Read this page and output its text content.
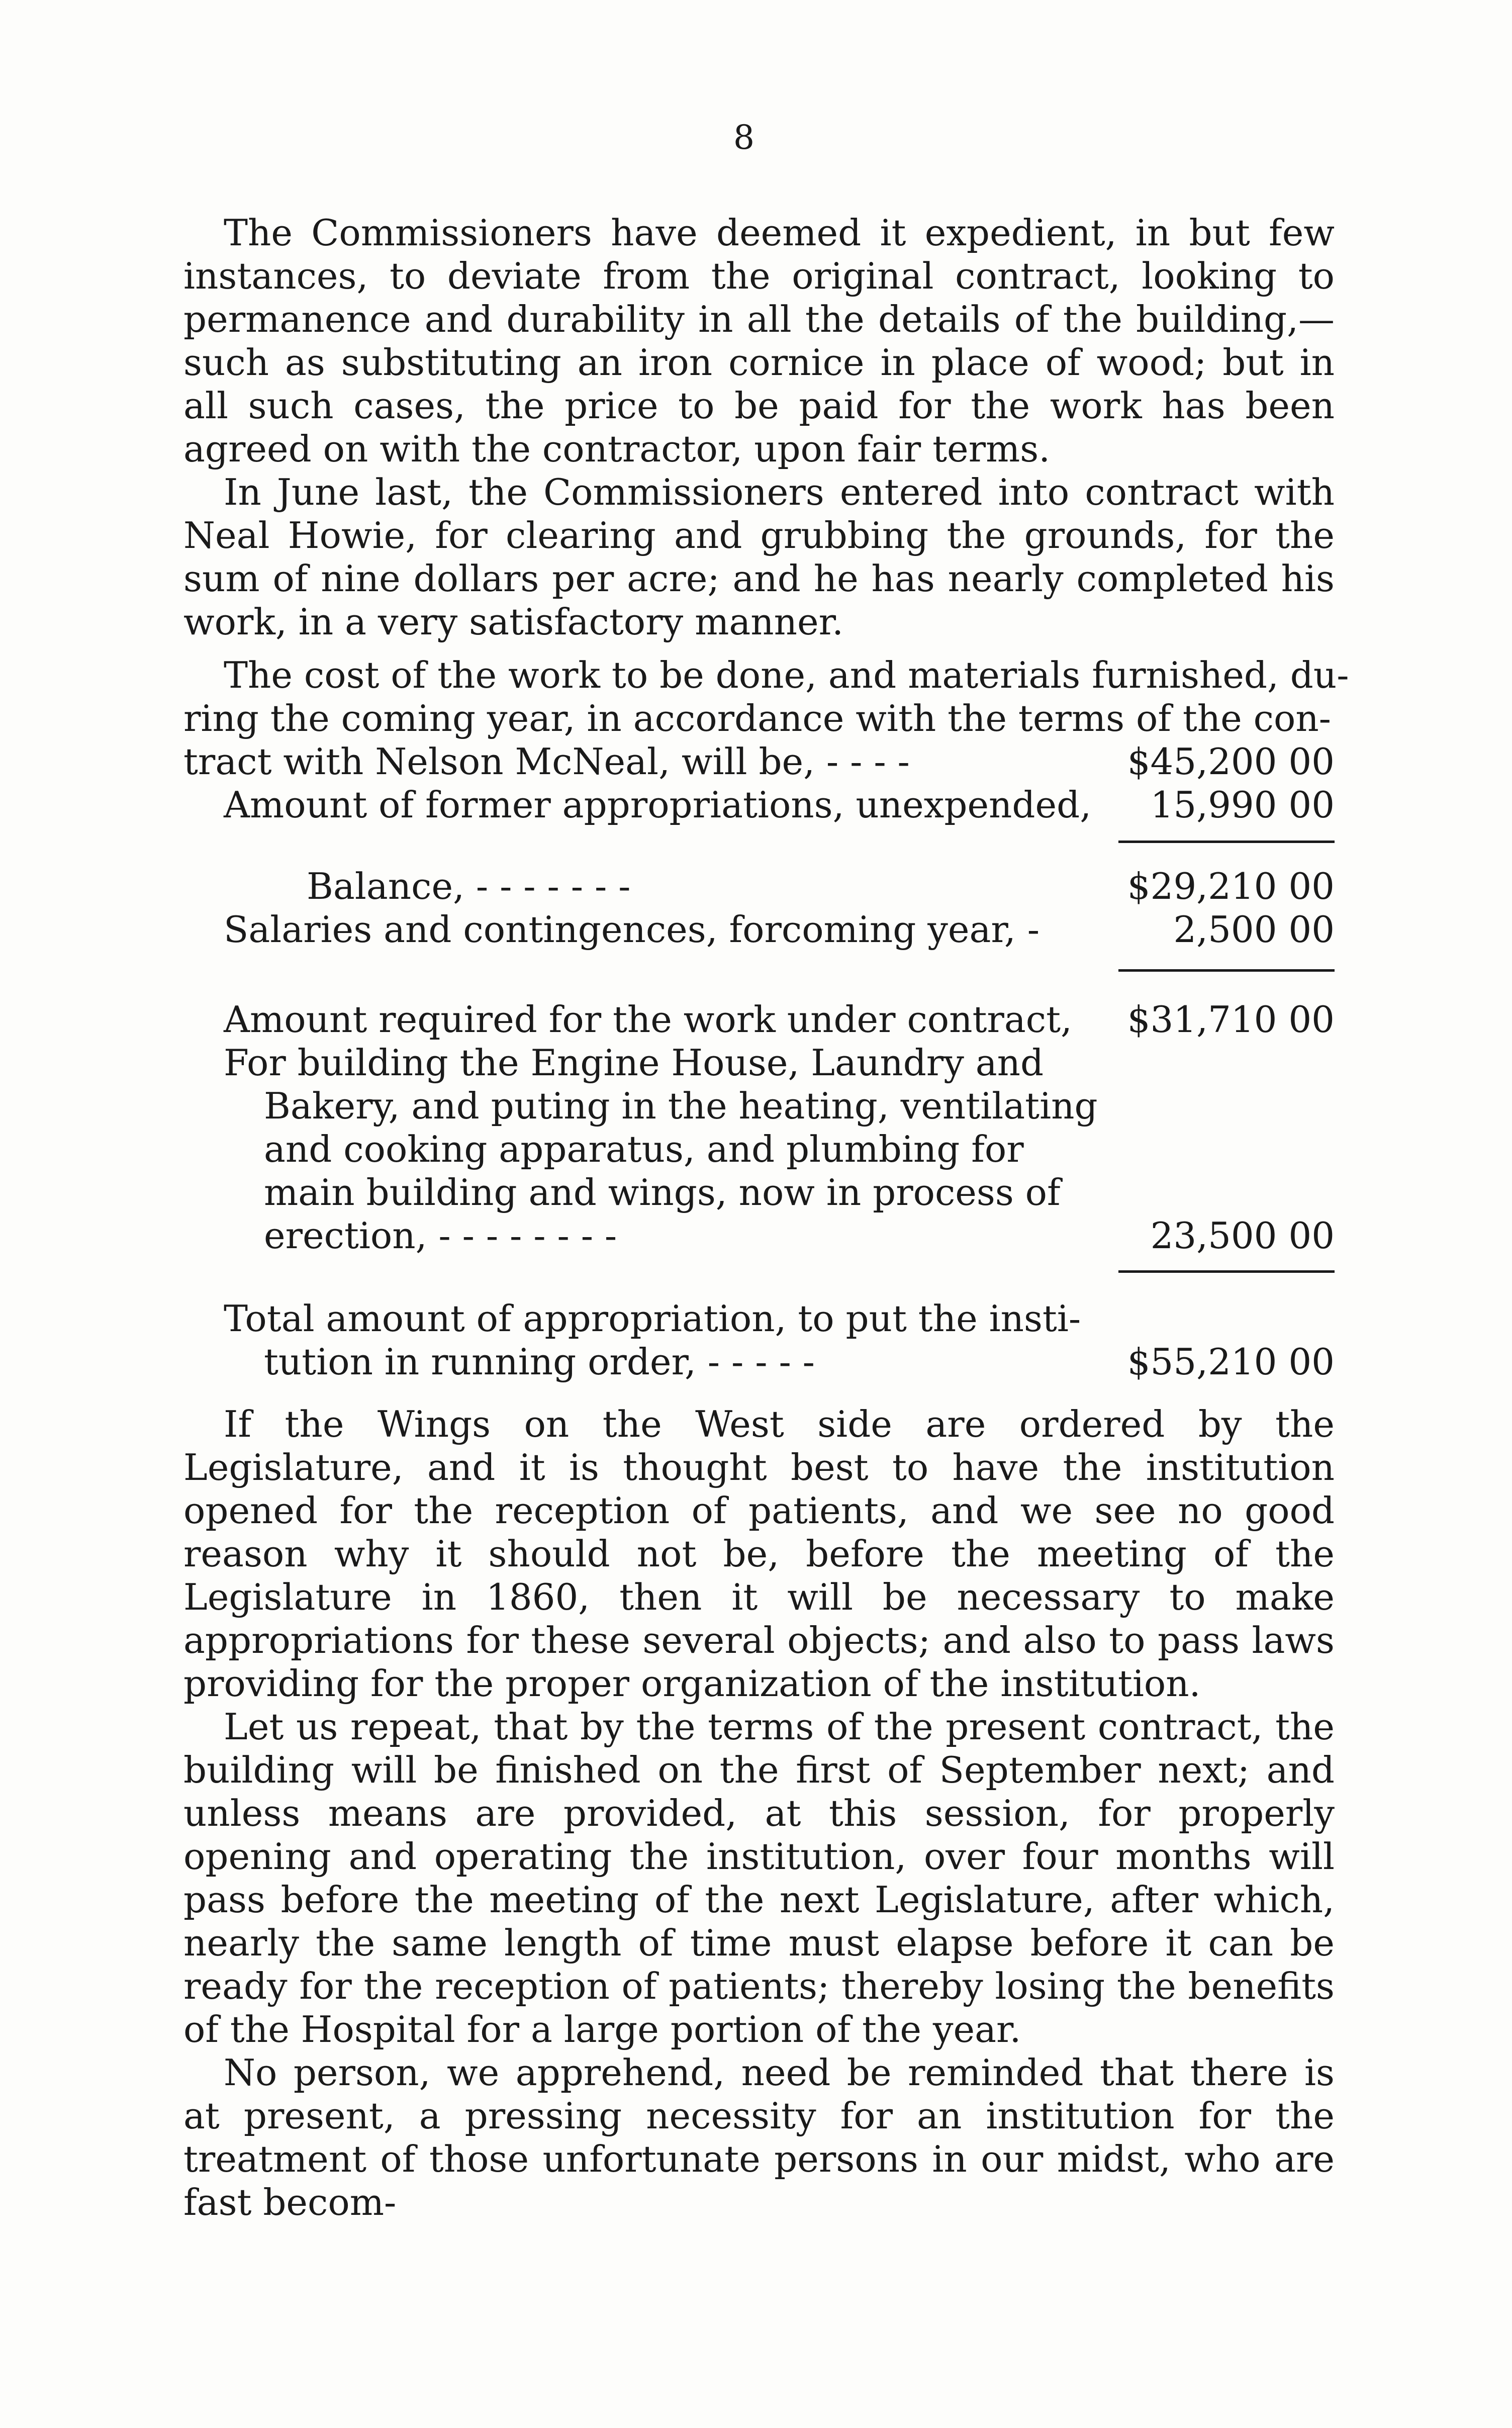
8

The Commissioners have deemed it expedient, in but few instances, to deviate from the original contract, looking to permanence and durability in all the details of the building,—such as substituting an iron cornice in place of wood; but in all such cases, the price to be paid for the work has been agreed on with the contractor, upon fair terms.

In June last, the Commissioners entered into contract with Neal Howie, for clearing and grubbing the grounds, for the sum of nine dollars per acre; and he has nearly completed his work, in a very satisfactory manner.

The cost of the work to be done, and materials furnished, du-
ring the coming year, in accordance with the terms of the con-
tract with Nelson McNeal, will be, - - - -	$45,200 00
Amount of former appropriations, unexpended, 15,990 00
Balance, - - - - - - -	$29,210 00
Salaries and contingences, forcoming year, -	2,500 00
Amount required for the work under contract, $31,710 00
For building the Engine House, Laundry and
Bakery, and puting in the heating, ventilating
and cooking apparatus, and plumbing for
main building and wings, now in process of
erection, - - - - - - - -	23,500 00
Total amount of appropriation, to put the insti-
tution in running order, - - - - -	$55,210 00

If the Wings on the West side are ordered by the Legislature, and it is thought best to have the institution opened for the reception of patients, and we see no good reason why it should not be, before the meeting of the Legislature in 1860, then it will be necessary to make appropriations for these several objects; and also to pass laws providing for the proper organization of the institution.

Let us repeat, that by the terms of the present contract, the building will be finished on the first of September next; and unless means are provided, at this session, for properly opening and operating the institution, over four months will pass before the meeting of the next Legislature, after which, nearly the same length of time must elapse before it can be ready for the reception of patients; thereby losing the benefits of the Hospital for a large portion of the year.

No person, we apprehend, need be reminded that there is at present, a pressing necessity for an institution for the treatment of those unfortunate persons in our midst, who are fast becom-
